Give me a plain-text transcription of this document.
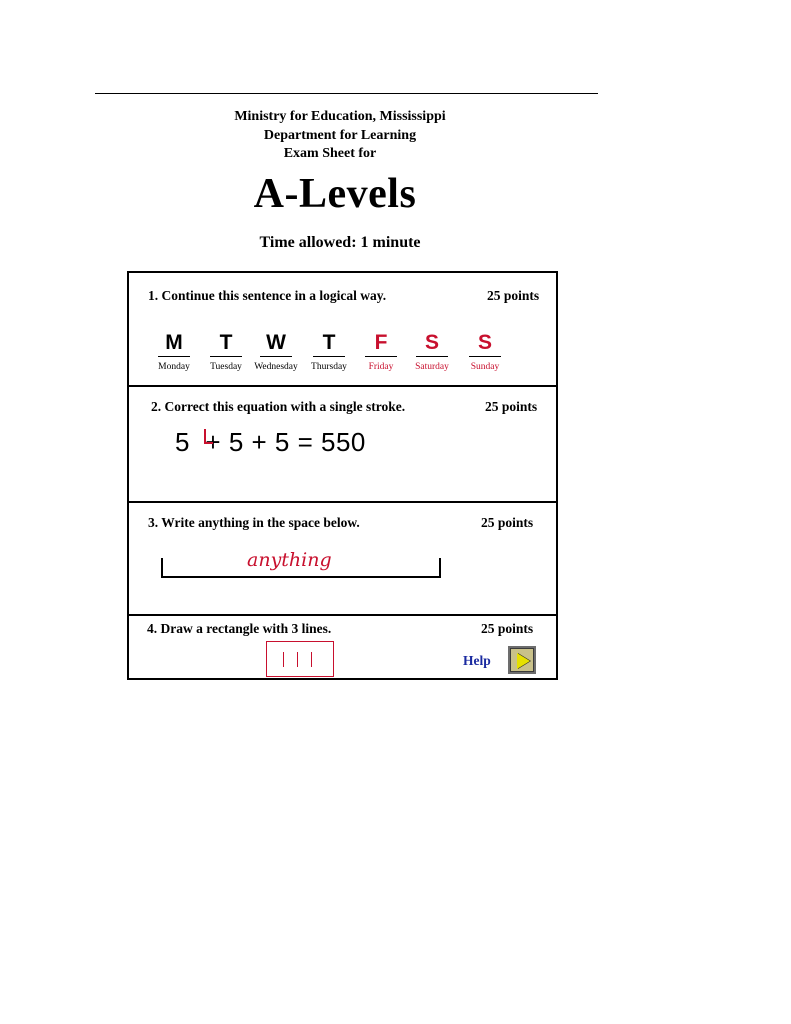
Ministry for Education, Mississippi
Department for Learning
Exam Sheet for
A-Levels
Time allowed: 1 minute
1. Continue this sentence in a logical way.	25 points
M
Monday
T
Tuesday
W
Wednesday
T
Thursday
F
Friday
S
Saturday
S
Sunday
2. Correct this equation with a single stroke.	25 points
5  + 5 + 5 = 550
3. Write anything in the space below.	25 points
anything
4. Draw a rectangle with 3 lines.	25 points
Help
